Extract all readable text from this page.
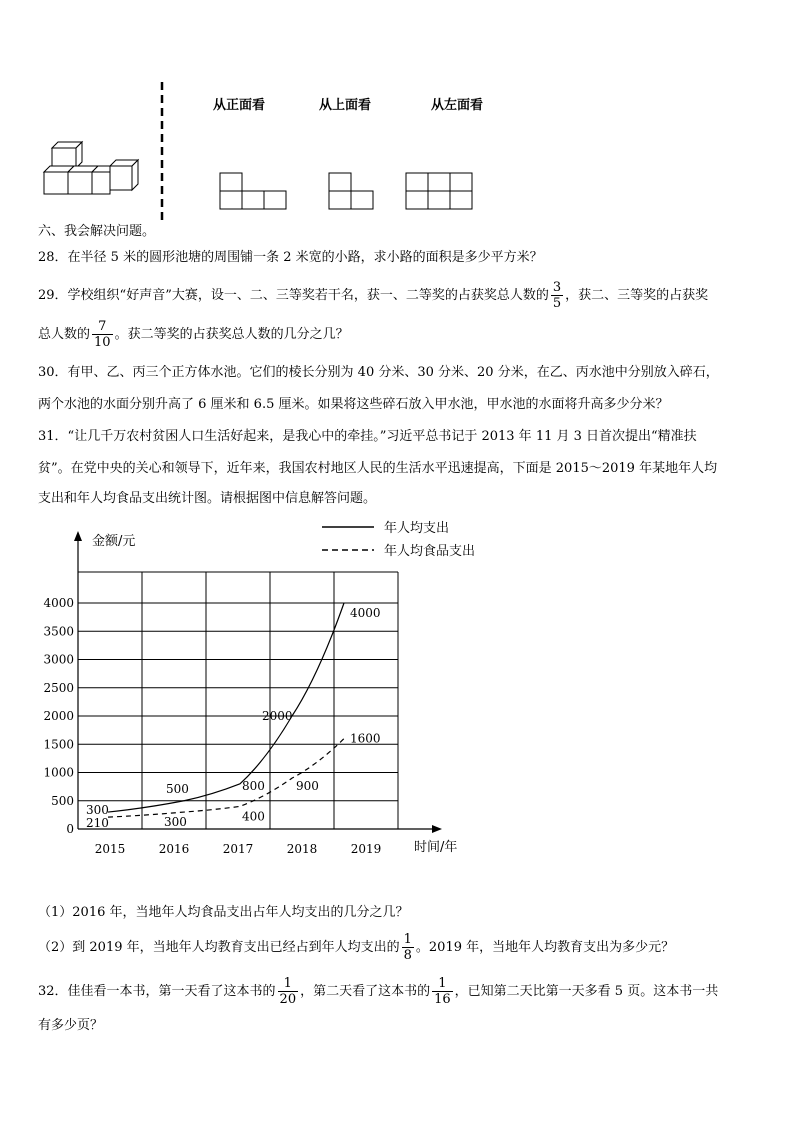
从正面看	从上面看	从左面看
六、我会解决问题。
28．在半径 5 米的圆形池塘的周围铺一条 2 米宽的小路，求小路的面积是多少平方米？
29．学校组织“好声音”大赛，设一、二、三等奖若干名，获一、二等奖的占获奖总人数的 $\frac{3}{5}$ ，获二、三等奖的占获奖
总人数的 $\frac{7}{10}$ 。获二等奖的占获奖总人数的几分之几？
30．有甲、乙、丙三个正方体水池。它们的棱长分别为 40 分米、30 分米、20 分米，在乙、丙水池中分别放入碎石，
两个水池的水面分别升高了 6 厘米和 6.5 厘米。如果将这些碎石放入甲水池，甲水池的水面将升高多少分米？
31．“让几千万农村贫困人口生活好起来，是我心中的牵挂。”习近平总书记于 2013 年 11 月 3 日首次提出“精准扶
贫”。在党中央的关心和领导下，近年来，我国农村地区人民的生活水平迅速提高，下面是 2015～2019 年某地年人均
支出和年人均食品支出统计图。请根据图中信息解答问题。
金额/元
时间/年
0
500
1000
1500
2000
2500
3000
3500
4000
2015	2016	2017	2018	2019
300
500	800
2000
4000
210	300	400
900
1600
年人均支出
年人均食品支出
（1）2016 年，当地年人均食品支出占年人均支出的几分之几？
（2）到 2019 年，当地年人均教育支出已经占到年人均支出的 $\frac{1}{8}$ 。2019 年，当地年人均教育支出为多少元？
32．佳佳看一本书，第一天看了这本书的 $\frac{1}{20}$ ，第二天看了这本书的 $\frac{1}{16}$ ，已知第二天比第一天多看 5 页。这本书一共
有多少页？
